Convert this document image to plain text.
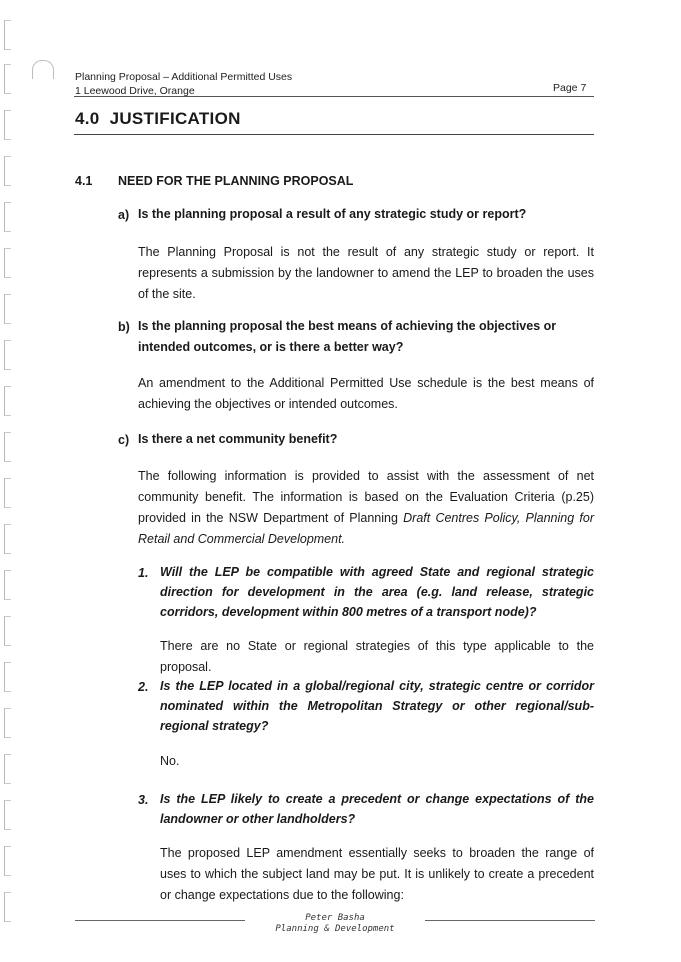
Planning Proposal – Additional Permitted Uses
1 Leewood Drive, Orange	Page 7
4.0  JUSTIFICATION
4.1 NEED FOR THE PLANNING PROPOSAL
a) Is the planning proposal a result of any strategic study or report?
The Planning Proposal is not the result of any strategic study or report. It represents a submission by the landowner to amend the LEP to broaden the uses of the site.
b) Is the planning proposal the best means of achieving the objectives or intended outcomes, or is there a better way?
An amendment to the Additional Permitted Use schedule is the best means of achieving the objectives or intended outcomes.
c) Is there a net community benefit?
The following information is provided to assist with the assessment of net community benefit. The information is based on the Evaluation Criteria (p.25) provided in the NSW Department of Planning Draft Centres Policy, Planning for Retail and Commercial Development.
1. Will the LEP be compatible with agreed State and regional strategic direction for development in the area (e.g. land release, strategic corridors, development within 800 metres of a transport node)?
There are no State or regional strategies of this type applicable to the proposal.
2. Is the LEP located in a global/regional city, strategic centre or corridor nominated within the Metropolitan Strategy or other regional/sub-regional strategy?
No.
3. Is the LEP likely to create a precedent or change expectations of the landowner or other landholders?
The proposed LEP amendment essentially seeks to broaden the range of uses to which the subject land may be put. It is unlikely to create a precedent or change expectations due to the following:
Peter Basha
Planning & Development
